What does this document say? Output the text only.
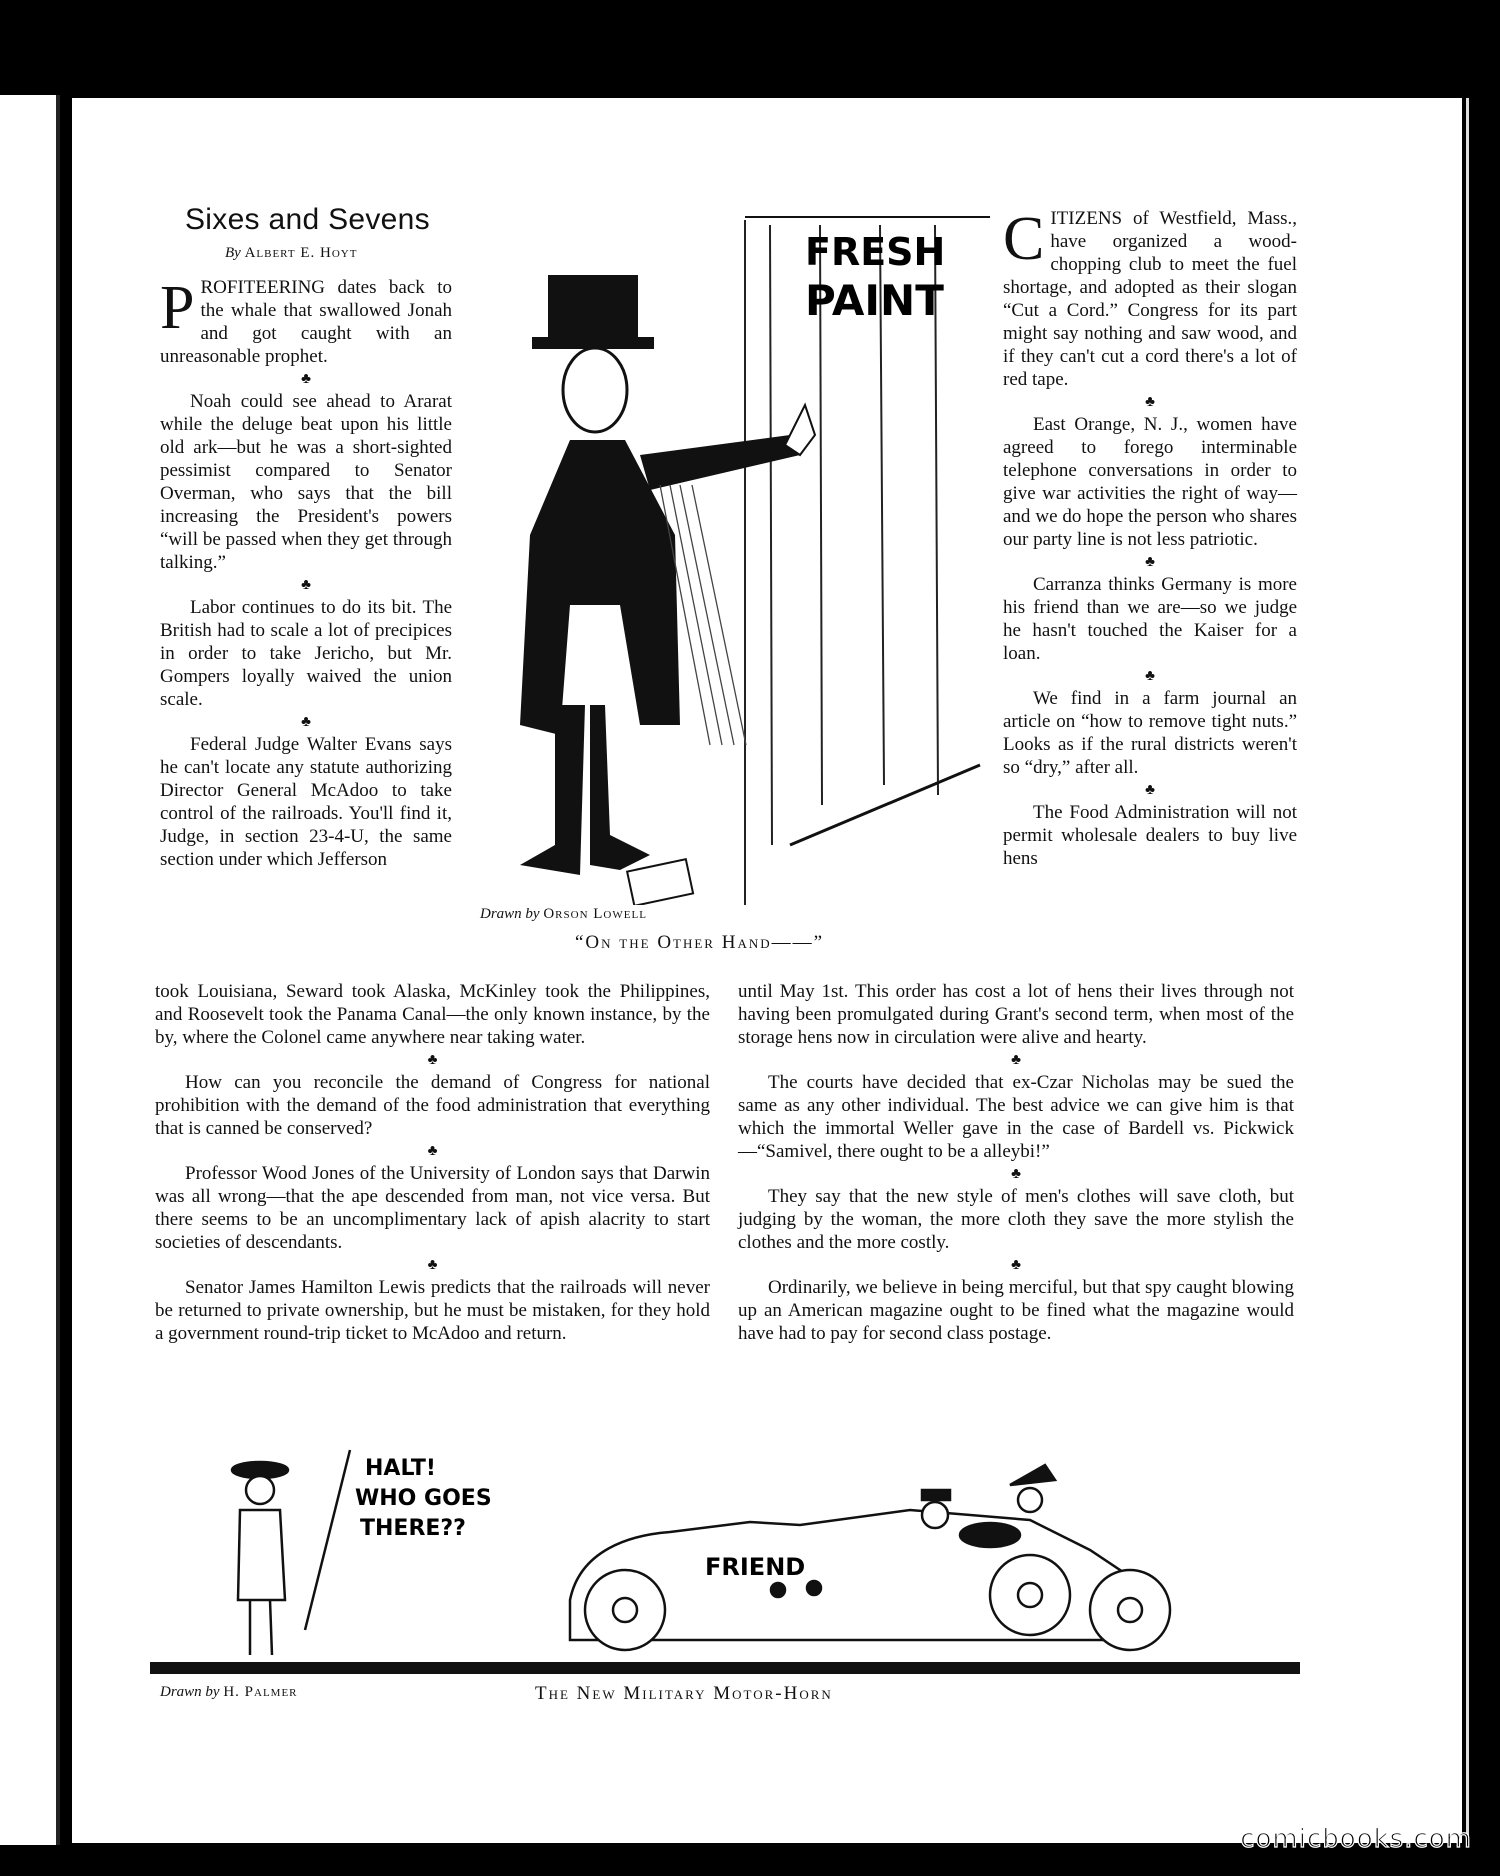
Sixes and Sevens
By Albert E. Hoyt

PROFITEERING dates back to the whale that swallowed Jonah and got caught with an unreasonable prophet.

♣

Noah could see ahead to Ararat while the deluge beat upon his little old ark—but he was a short-sighted pessimist compared to Senator Overman, who says that the bill increasing the President's powers “will be passed when they get through talking.”

♣

Labor continues to do its bit. The British had to scale a lot of precipices in order to take Jericho, but Mr. Gompers loyally waived the union scale.

♣

Federal Judge Walter Evans says he can't locate any statute authorizing Director General McAdoo to take control of the railroads. You'll find it, Judge, in section 23-4-U, the same section under which Jefferson

CITIZENS of Westfield, Mass., have organized a wood-chopping club to meet the fuel shortage, and adopted as their slogan “Cut a Cord.” Congress for its part might say nothing and saw wood, and if they can't cut a cord there's a lot of red tape.

♣

East Orange, N. J., women have agreed to forego interminable telephone conversations in order to give war activities the right of way—and we do hope the person who shares our party line is not less patriotic.

♣

Carranza thinks Germany is more his friend than we are—so we judge he hasn't touched the Kaiser for a loan.

♣

We find in a farm journal an article on “how to remove tight nuts.” Looks as if the rural districts weren't so “dry,” after all.

♣

The Food Administration will not permit wholesale dealers to buy live hens

took Louisiana, Seward took Alaska, McKinley took the Philippines, and Roosevelt took the Panama Canal—the only known instance, by the by, where the Colonel came anywhere near taking water.

♣

How can you reconcile the demand of Congress for national prohibition with the demand of the food administration that everything that is canned be conserved?

♣

Professor Wood Jones of the University of London says that Darwin was all wrong—that the ape descended from man, not vice versa. But there seems to be an uncomplimentary lack of apish alacrity to start societies of descendants.

♣

Senator James Hamilton Lewis predicts that the railroads will never be returned to private ownership, but he must be mistaken, for they hold a government round-trip ticket to McAdoo and return.

until May 1st. This order has cost a lot of hens their lives through not having been promulgated during Grant's second term, when most of the storage hens now in circulation were alive and hearty.

♣

The courts have decided that ex-Czar Nicholas may be sued the same as any other individual. The best advice we can give him is that which the immortal Weller gave in the case of Bardell vs. Pickwick—“Samivel, there ought to be a alleybi!”

♣

They say that the new style of men's clothes will save cloth, but judging by the woman, the more cloth they save the more stylish the clothes and the more costly.

♣

Ordinarily, we believe in being merciful, but that spy caught blowing up an American magazine ought to be fined what the magazine would have had to pay for second class postage.

FRESH
PAINT
Drawn by Orson Lowell
“On the Other Hand——”
HALT!
WHO GOES
THERE??
FRIEND
Drawn by H. Palmer	The New Military Motor-Horn
comicbooks.com
